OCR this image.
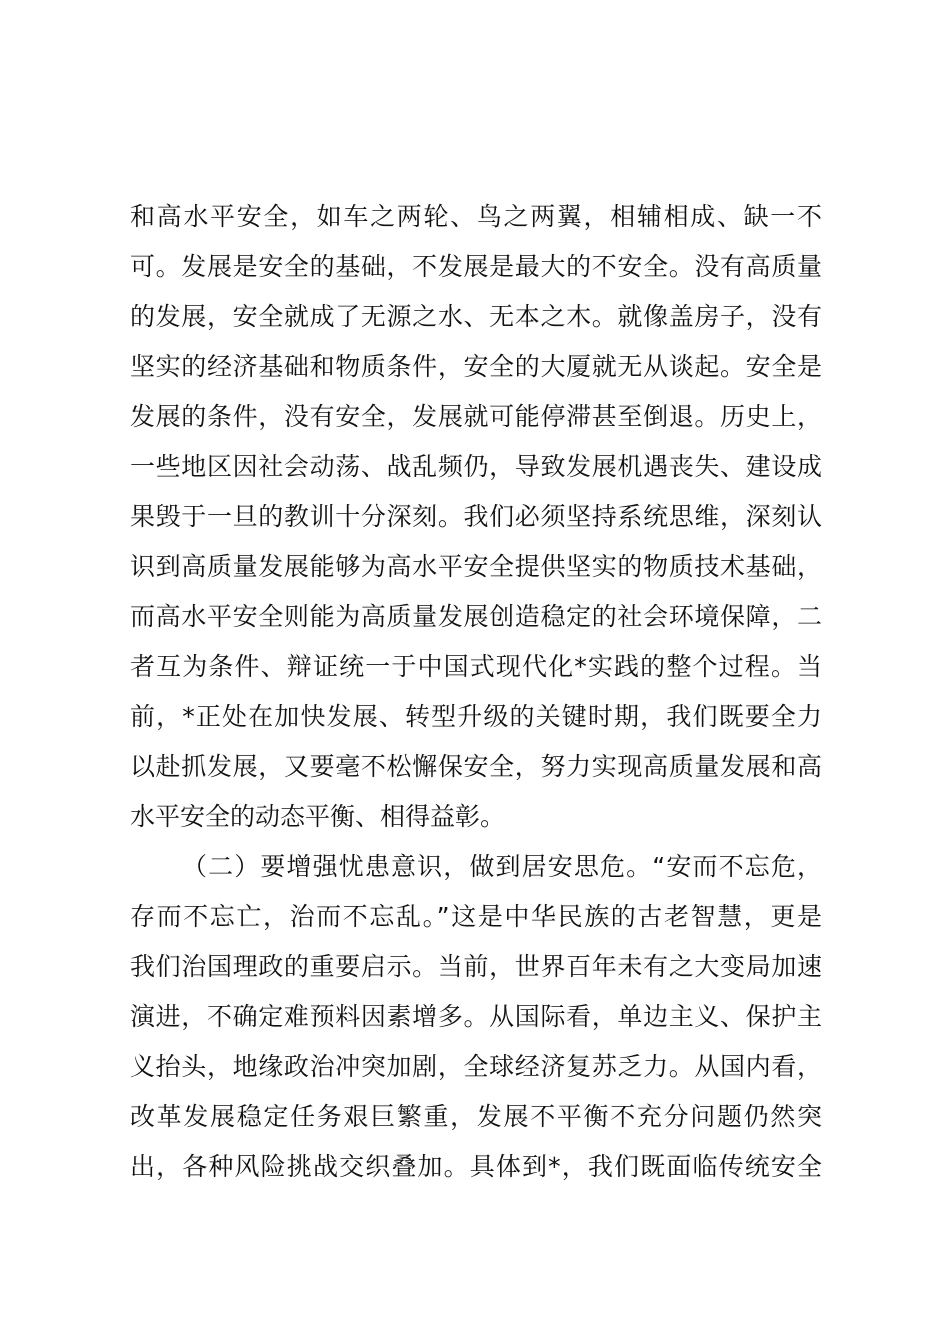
和高水平安全，如车之两轮、鸟之两翼，相辅相成、缺一不
可。发展是安全的基础，不发展是最大的不安全。没有高质量
的发展，安全就成了无源之水、无本之木。就像盖房子，没有
坚实的经济基础和物质条件，安全的大厦就无从谈起。安全是
发展的条件，没有安全，发展就可能停滞甚至倒退。历史上，
一些地区因社会动荡、战乱频仍，导致发展机遇丧失、建设成
果毁于一旦的教训十分深刻。我们必须坚持系统思维，深刻认
识到高质量发展能够为高水平安全提供坚实的物质技术基础，
而高水平安全则能为高质量发展创造稳定的社会环境保障，二
者互为条件、辩证统一于中国式现代化*实践的整个过程。当
前，*正处在加快发展、转型升级的关键时期，我们既要全力
以赴抓发展，又要毫不松懈保安全，努力实现高质量发展和高
水平安全的动态平衡、相得益彰。
（二）要增强忧患意识，做到居安思危。“安而不忘危，
存而不忘亡，治而不忘乱。”这是中华民族的古老智慧，更是
我们治国理政的重要启示。当前，世界百年未有之大变局加速
演进，不确定难预料因素增多。从国际看，单边主义、保护主
义抬头，地缘政治冲突加剧，全球经济复苏乏力。从国内看，
改革发展稳定任务艰巨繁重，发展不平衡不充分问题仍然突
出，各种风险挑战交织叠加。具体到*，我们既面临传统安全
